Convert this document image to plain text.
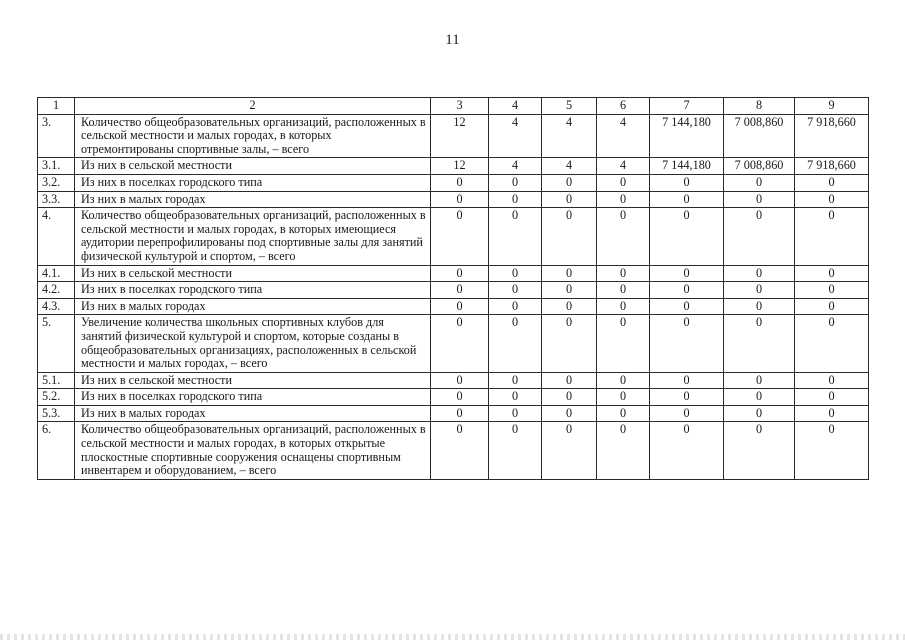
11
1	2	3	4	5	6	7	8	9
3.	Количество общеобразовательных организаций, расположенных в сельской местности и малых городах, в которых отремонтированы спортивные залы, – всего	12	4	4	4	7 144,180	7 008,860	7 918,660
3.1.	Из них в сельской местности	12	4	4	4	7 144,180	7 008,860	7 918,660
3.2.	Из них в поселках городского типа	0	0	0	0	0	0	0
3.3.	Из них в малых городах	0	0	0	0	0	0	0
4.	Количество общеобразовательных организаций, расположенных в сельской местности и малых городах, в которых имеющиеся аудитории перепрофилированы под спортивные залы для занятий физической культурой и спортом, – всего	0	0	0	0	0	0	0
4.1.	Из них в сельской местности	0	0	0	0	0	0	0
4.2.	Из них в поселках городского типа	0	0	0	0	0	0	0
4.3.	Из них в малых городах	0	0	0	0	0	0	0
5.	Увеличение количества школьных спортивных клубов для занятий физической культурой и спортом, которые созданы в общеобразовательных организациях, расположенных в сельской местности и малых городах, – всего	0	0	0	0	0	0	0
5.1.	Из них в сельской местности	0	0	0	0	0	0	0
5.2.	Из них в поселках городского типа	0	0	0	0	0	0	0
5.3.	Из них в малых городах	0	0	0	0	0	0	0
6.	Количество общеобразовательных организаций, расположенных в сельской местности и малых городах, в которых открытые плоскостные спортивные сооружения оснащены спортивным инвентарем и оборудованием, – всего	0	0	0	0	0	0	0
